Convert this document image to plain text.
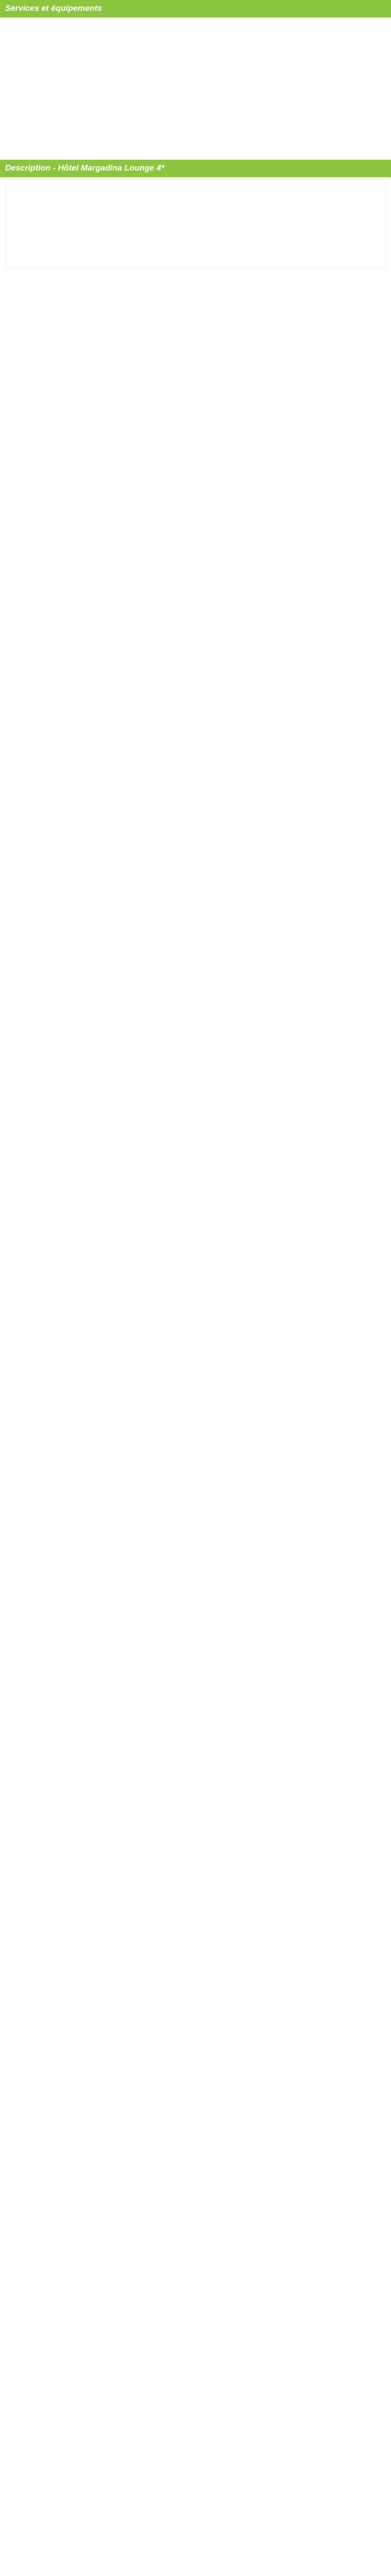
Services et équipements
Description - Hôtel Margadina Lounge 4*
